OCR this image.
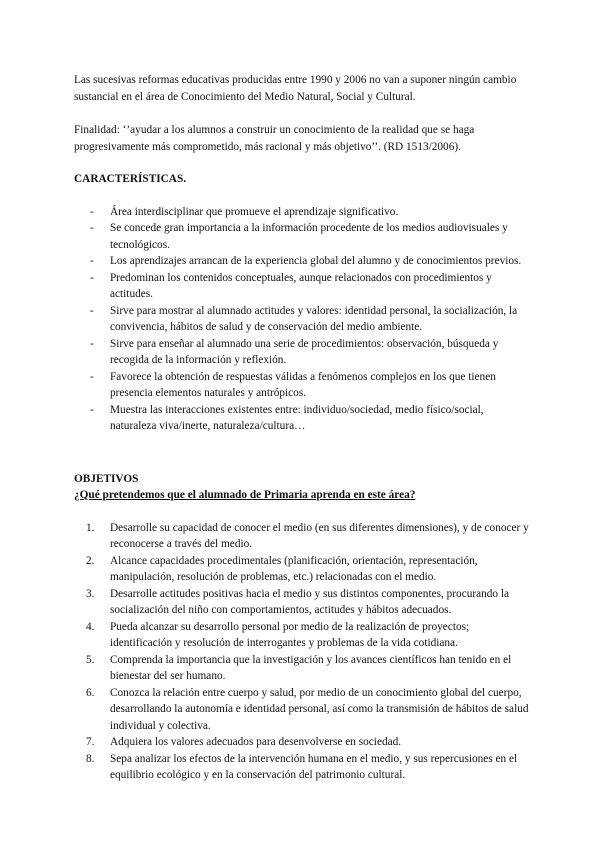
Las sucesivas reformas educativas producidas entre 1990 y 2006 no van a suponer ningún cambio sustancial en el área de Conocimiento del Medio Natural, Social y Cultural.

Finalidad: ‘’ayudar a los alumnos a construir un conocimiento de la realidad que se haga progresivamente más comprometido, más racional y más objetivo’’. (RD 1513/2006).

CARACTERÍSTICAS.

- Área interdisciplinar que promueve el aprendizaje significativo.
- Se concede gran importancia a la información procedente de los medios audiovisuales y tecnológicos.
- Los aprendizajes arrancan de la experiencia global del alumno y de conocimientos previos.
- Predominan los contenidos conceptuales, aunque relacionados con procedimientos y actitudes.
- Sirve para mostrar al alumnado actitudes y valores: identidad personal, la socialización, la convivencia, hábitos de salud y de conservación del medio ambiente.
- Sirve para enseñar al alumnado una serie de procedimientos: observación, búsqueda y recogida de la información y reflexión.
- Favorece la obtención de respuestas válidas a fenómenos complejos en los que tienen presencia elementos naturales y antrópicos.
- Muestra las interacciones existentes entre: individuo/sociedad, medio físico/social, naturaleza viva/inerte, naturaleza/cultura…

OBJETIVOS

¿Qué pretendemos que el alumnado de Primaria aprenda en este área?

1. Desarrolle su capacidad de conocer el medio (en sus diferentes dimensiones), y de conocer y reconocerse a través del medio.
2. Alcance capacidades procedimentales (planificación, orientación, representación, manipulación, resolución de problemas, etc.) relacionadas con el medio.
3. Desarrolle actitudes positivas hacia el medio y sus distintos componentes, procurando la socialización del niño con comportamientos, actitudes y hábitos adecuados.
4. Pueda alcanzar su desarrollo personal por medio de la realización de proyectos; identificación y resolución de interrogantes y problemas de la vida cotidiana.
5. Comprenda la importancia que la investigación y los avances científicos han tenido en el bienestar del ser humano.
6. Conozca la relación entre cuerpo y salud, por medio de un conocimiento global del cuerpo, desarrollando la autonomía e identidad personal, así como la transmisión de hábitos de salud individual y colectiva.
7. Adquiera los valores adecuados para desenvolverse en sociedad.
8. Sepa analizar los efectos de la intervención humana en el medio, y sus repercusiones en el equilibrio ecológico y en la conservación del patrimonio cultural.
